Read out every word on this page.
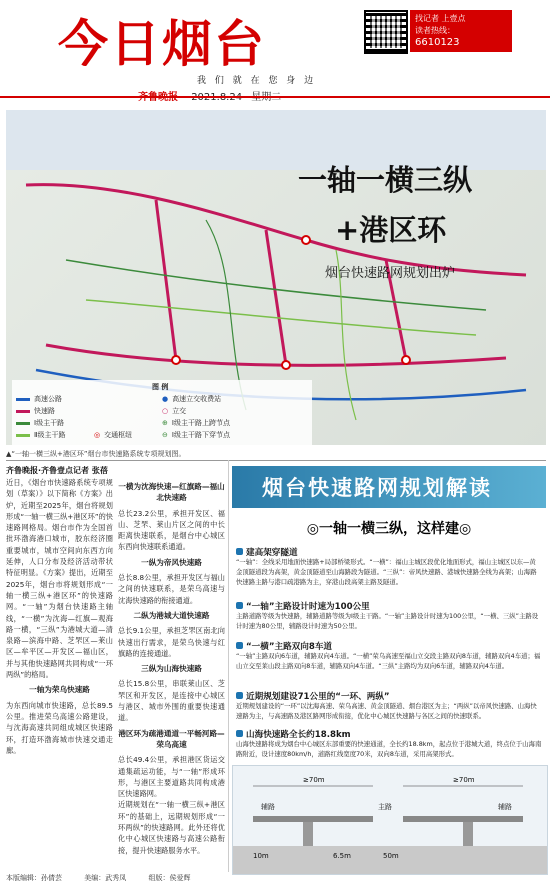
今日烟台
我 们 就 在 您 身 边
找记者 上壹点
读者热线：
6610123
图 例
高速公路
快速路
Ⅰ级主干路
Ⅱ级主干路	◎ 交通枢纽
● 高速立交收费站
○ 立交
⊕ Ⅰ级主干路上跨节点
⊖ Ⅰ级主干路下穿节点
一轴一横三纵
+港区环
烟台快速路网规划出炉
▲“一轴一横三纵+港区环”烟台市快速路系统专项规划图。
齐鲁晚报·齐鲁壹点记者 张蓓
近日，《烟台市快速路系统专项规划（草案）》以下简称《方案》出炉，近期至2025年，烟台将规划形成“一轴一横三纵+港区环”的快速路网格局。烟台市作为全国首批环渤海港口城市，胶东经济圈重要城市，城市空间向东西方向延伸，人口分布及经济活动带状特征明显。《方案》提出，近期至2025年，烟台市将规划形成“一轴一横三纵+港区环”的快速路网。“一轴”为烟台快速路主轴线，“一横”为沈海—红旗—观海路一横，“三纵”为港城大道—清泉路—滨海中路、芝罘区—莱山区—牟平区—开发区—福山区，并与其他快速路网共同构成“一环两纵”的格局。
一轴为荣乌快速路
为东西向城市快速路，总长89.5公里。推进荣乌高速公路建设，与沈海高速共同组成城区快速路环，打造环渤海城市快速交通走廊。
一横为沈海快速—红旗路—福山北快速路
总长23.2公里，承担开发区、福山、芝罘、莱山片区之间的中长距离快速联系，是烟台中心城区东西向快速联系通道。
一纵为帝风快速路
总长8.8公里，承担开发区与福山之间的快速联系，是荣乌高速与沈海快速路的衔接通道。
二纵为港城大道快速路
总长9.1公里，承担芝罘区南北向快速出行需求，是荣乌快速与红旗路的连接通道。
三纵为山海快速路
总长15.8公里，串联莱山区、芝罘区和开发区，是连接中心城区与港区、城市外围的重要快速通道。
港区环为疏港通道一平畅河路—荣乌高速
总长49.4公里，承担港区货运交通集疏运功能，与“一轴”形成环形，与港区主要道路共同构成港区快速路网。
近期规划在“一轴一横三纵+港区环”的基础上，远期规划形成“一环两纵”的快速路网。此外还将优化中心城区快速路与高速公路衔接，提升快速路服务水平。
烟台快速路网规划解读
◎一轴一横三纵，这样建◎
建高架穿隧道
“一轴”：全线采用地面快速路+局部桥梁形式。“一横”：福山主城区段优化地面形式，福山主城区以东—黄金顶隧道段为高架，黄金顶隧道至山海路段为隧道。“三纵”：帝风快速路、港城快速路全线为高架；山海路快速路主路与港口疏港路为主，穿港山段高架主路及隧道。
“一轴”主路设计时速为100公里
主路道路等级为快速路，辅路道路等级为Ⅰ级主干路。“一轴”主路设计时速为100公里，“一横、三纵”主路设计时速为80公里，辅路设计时速为50公里。
“一横”主路双向8车道
“一轴”主路双向6车道，辅路双向4车道。“一横”荣乌高速至福山立交段主路双向8车道，辅路双向4车道；福山立交至莱山段主路双向8车道，辅路双向4车道。“三纵”主路均为双向6车道，辅路双向4车道。
近期规划建设71公里的“一环、两纵”
近期规划建设的“一环”以沈海高速、荣乌高速、黄金顶隧道、烟台港区为主；“两纵”以帝风快速路、山海快速路为主，与高速路及港区路网形成衔接，优化中心城区快速路与各区之间的快速联系。
山海快速路全长约18.8km
山海快速路将成为烟台中心城区东部重要的快速通道，全长约18.8km，起点位于港城大道，终点位于山海南路附近，设计速度80km/h，道路红线宽度70米，双向8车道，采用高架形式。
≥70m	≥70m
辅路	主路	辅路
10m	6.5m	50m
本版编辑：孙倩芸	美编：武秀凤	组版：侯爱辉
